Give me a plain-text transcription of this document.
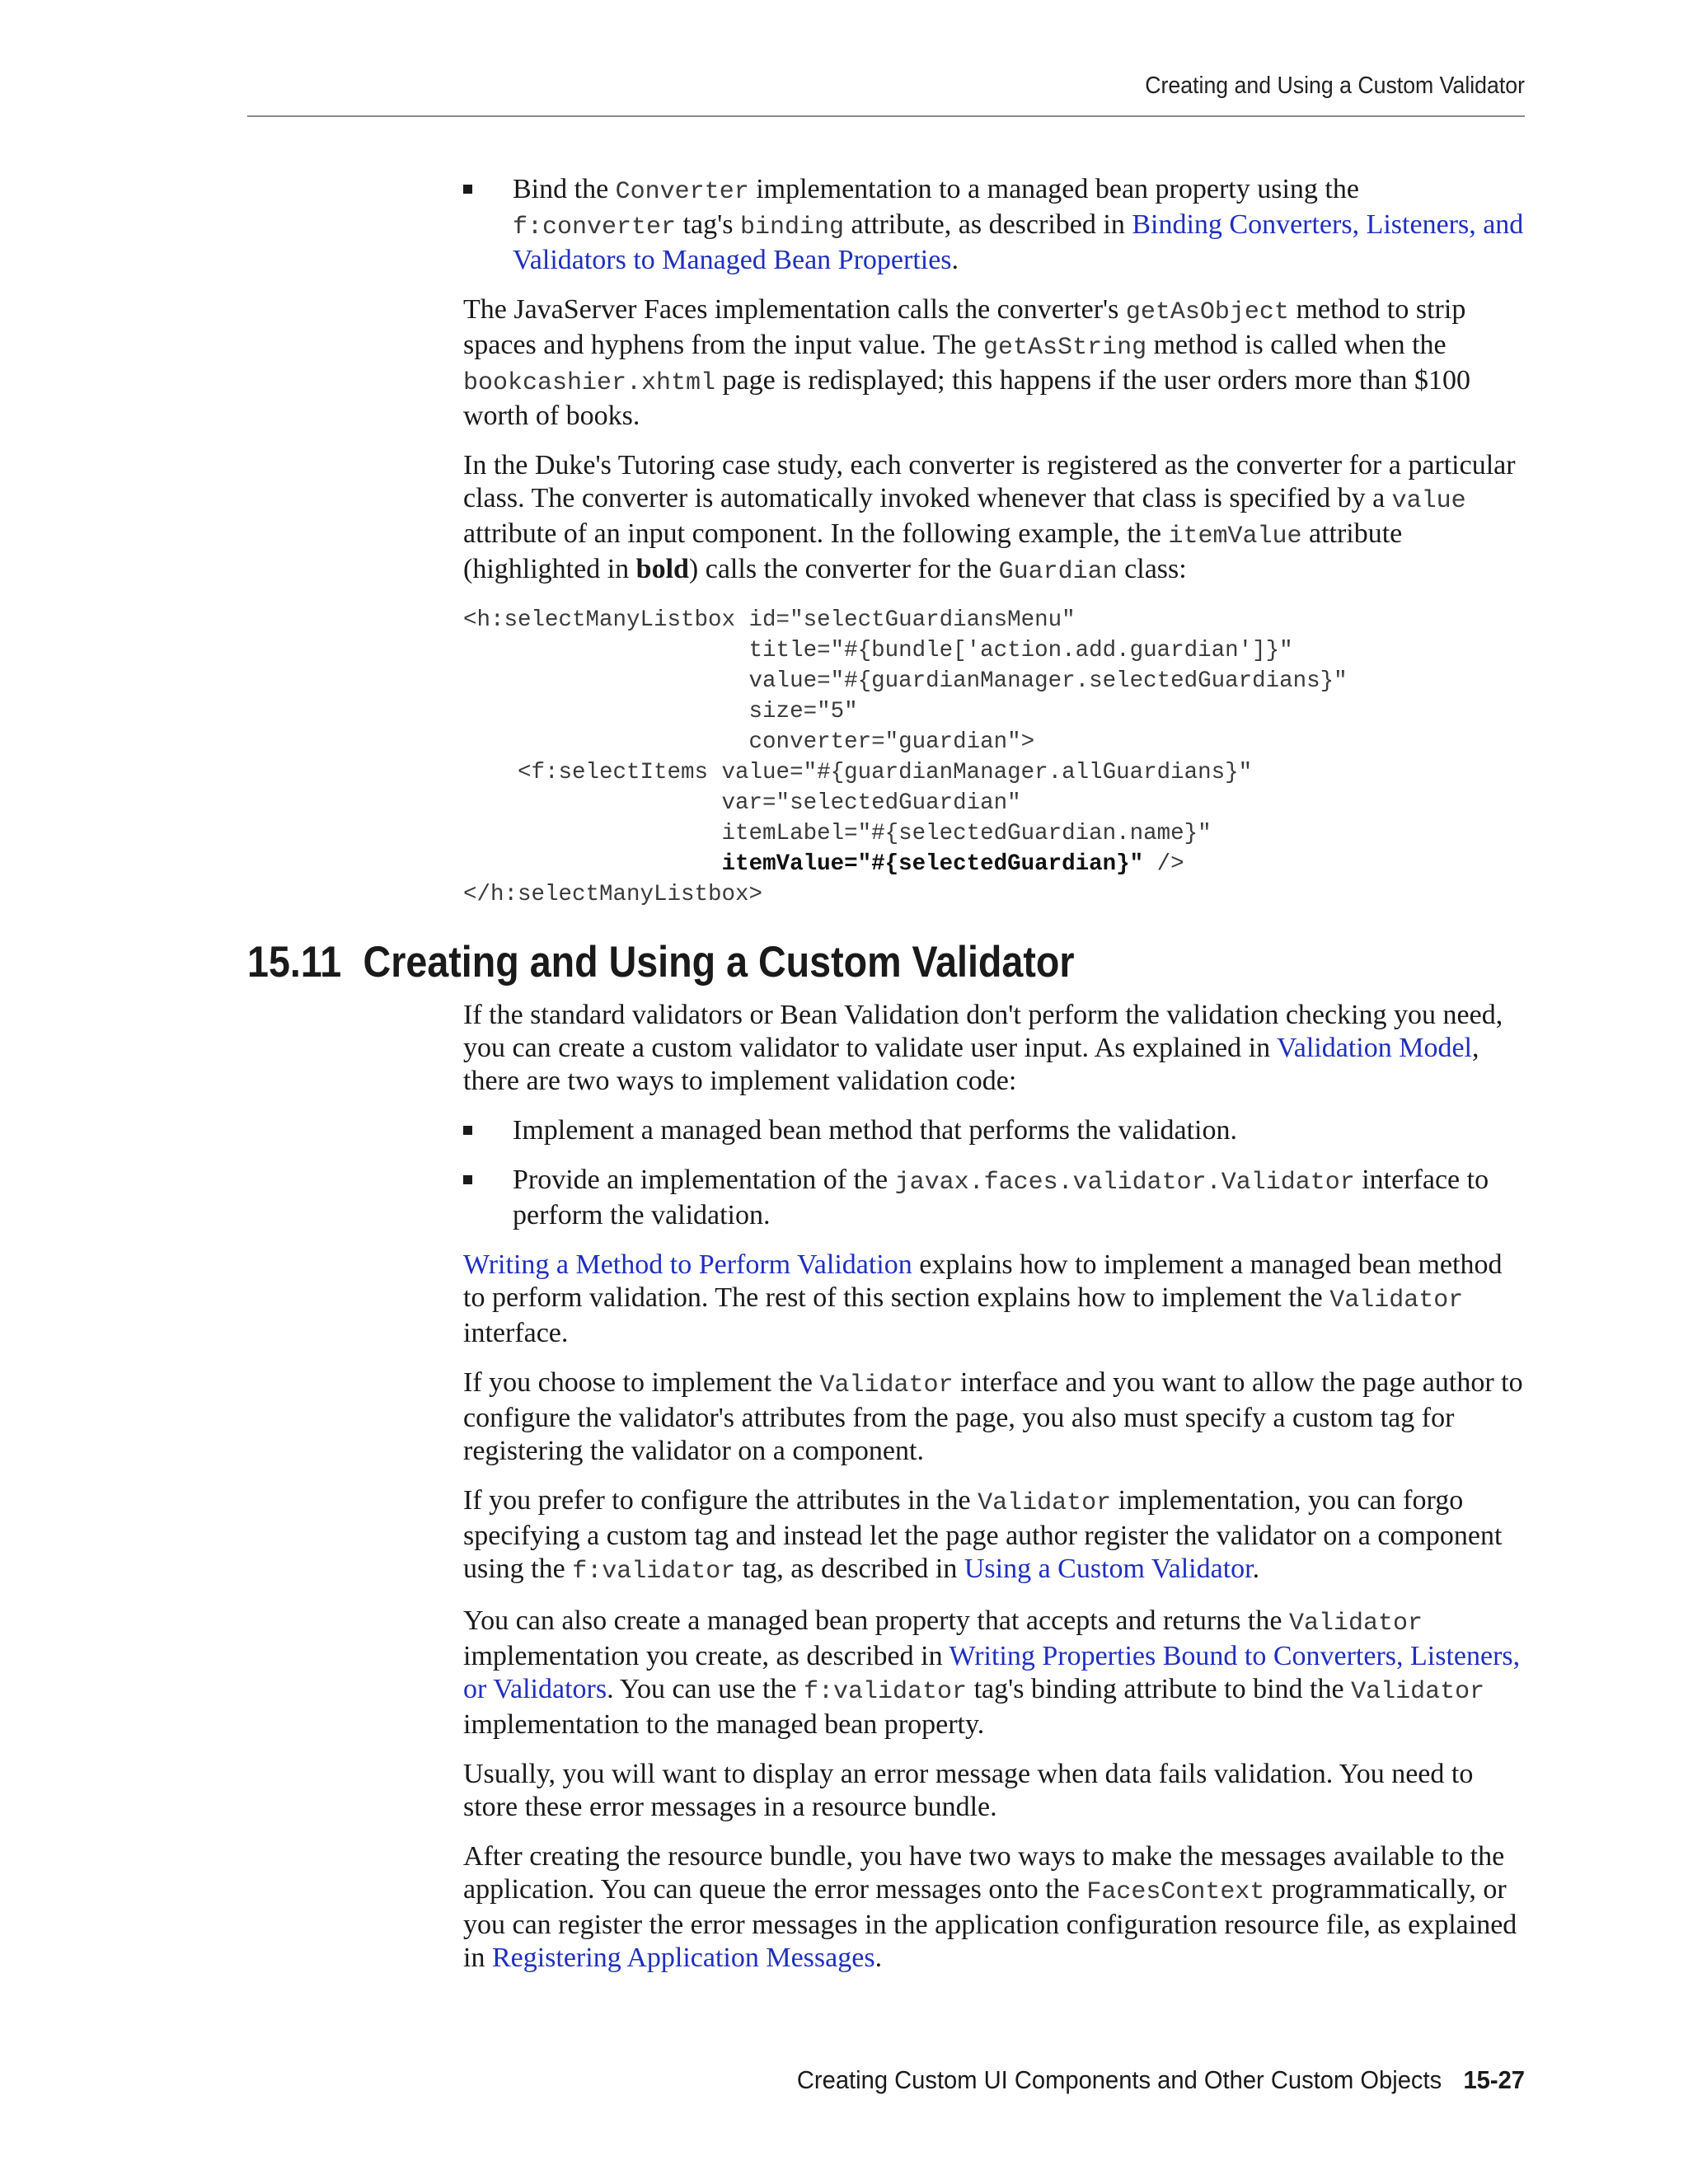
Creating and Using a Custom Validator
Bind the Converter implementation to a managed bean property using the f:converter tag's binding attribute, as described in Binding Converters, Listeners, and Validators to Managed Bean Properties.

The JavaServer Faces implementation calls the converter's getAsObject method to strip spaces and hyphens from the input value. The getAsString method is called when the bookcashier.xhtml page is redisplayed; this happens if the user orders more than $100 worth of books.

In the Duke's Tutoring case study, each converter is registered as the converter for a particular class. The converter is automatically invoked whenever that class is specified by a value attribute of an input component. In the following example, the itemValue attribute (highlighted in bold) calls the converter for the Guardian class:

<h:selectManyListbox id="selectGuardiansMenu"
title="#{bundle['action.add.guardian']}"
value="#{guardianManager.selectedGuardians}"
size="5"
converter="guardian">
<f:selectItems value="#{guardianManager.allGuardians}"
var="selectedGuardian"
itemLabel="#{selectedGuardian.name}"
itemValue="#{selectedGuardian}" />
</h:selectManyListbox>
15.11 Creating and Using a Custom Validator

If the standard validators or Bean Validation don't perform the validation checking you need, you can create a custom validator to validate user input. As explained in Validation Model, there are two ways to implement validation code:

Implement a managed bean method that performs the validation.
Provide an implementation of the javax.faces.validator.Validator interface to perform the validation.

Writing a Method to Perform Validation explains how to implement a managed bean method to perform validation. The rest of this section explains how to implement the Validator interface.

If you choose to implement the Validator interface and you want to allow the page author to configure the validator's attributes from the page, you also must specify a custom tag for registering the validator on a component.

If you prefer to configure the attributes in the Validator implementation, you can forgo specifying a custom tag and instead let the page author register the validator on a component using the f:validator tag, as described in Using a Custom Validator.

You can also create a managed bean property that accepts and returns the Validator implementation you create, as described in Writing Properties Bound to Converters, Listeners, or Validators. You can use the f:validator tag's binding attribute to bind the Validator implementation to the managed bean property.

Usually, you will want to display an error message when data fails validation. You need to store these error messages in a resource bundle.

After creating the resource bundle, you have two ways to make the messages available to the application. You can queue the error messages onto the FacesContext programmatically, or you can register the error messages in the application configuration resource file, as explained in Registering Application Messages.

Creating Custom UI Components and Other Custom Objects 15-27
